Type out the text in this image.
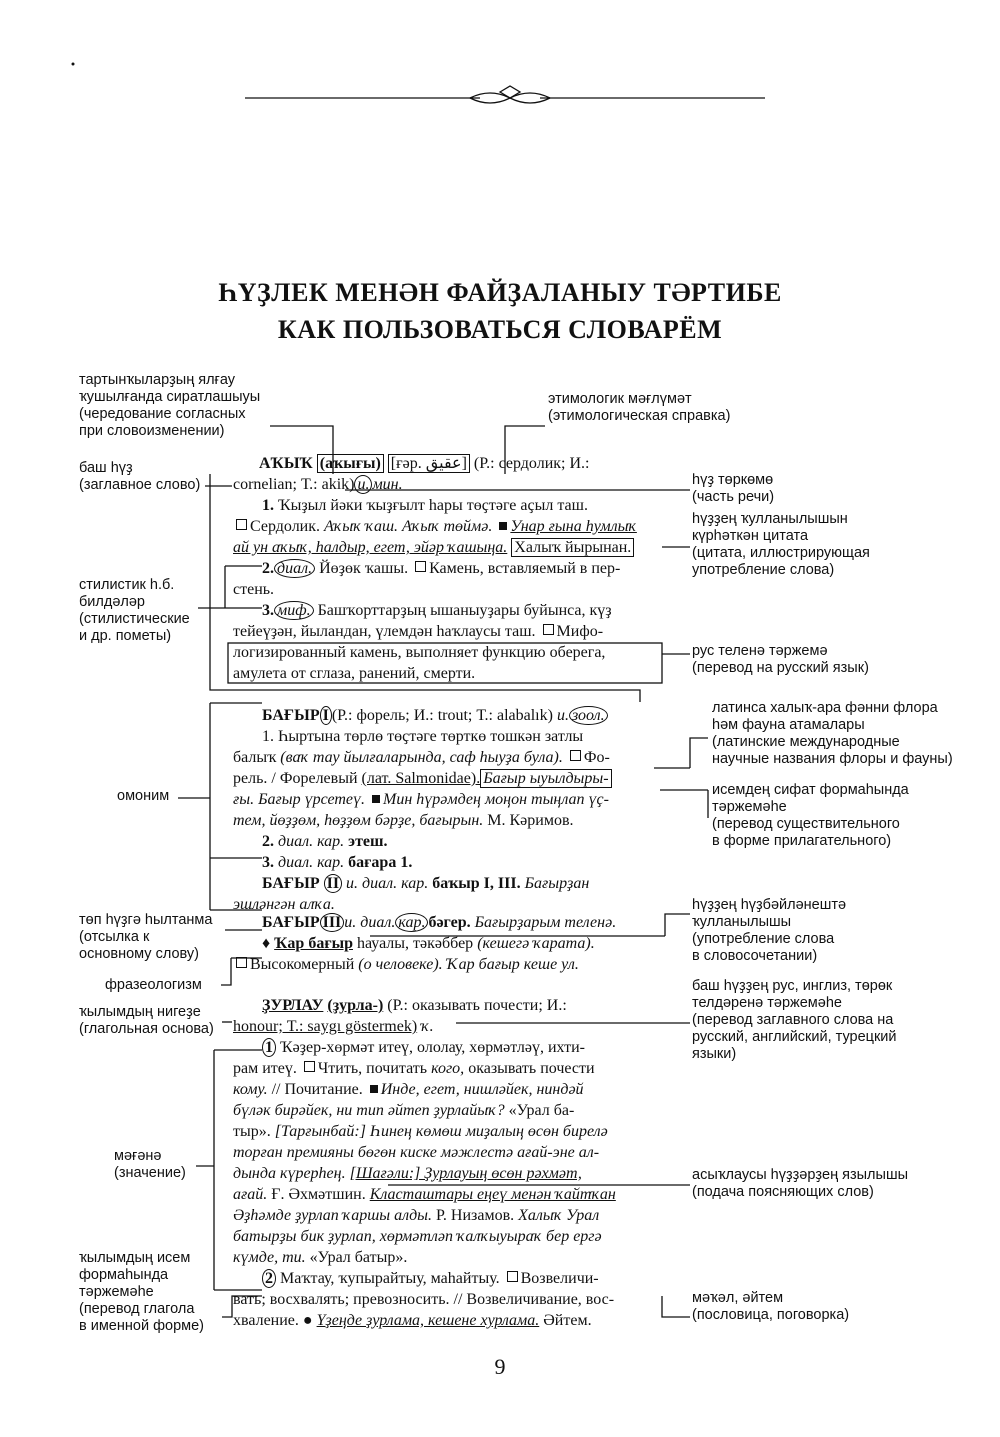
ҺҮҘЛЕК МЕНӘН ФАЙҘАЛАНЫУ ТӘРТИБЕ
КАК ПОЛЬЗОВАТЬСЯ СЛОВАРЁМ
тартынҡыларҙың ялғау
ҡушылғанда сиратлашыуы
(чередование согласных
при словоизменении)
баш һүҙ
(заглавное слово)
стилистик һ.б.
билдәләр
(стилистические
и др. пометы)
омоним
төп һүҙгә һылтанма
(отсылка к
основному слову)
фразеологизм
ҡылымдың нигеҙе
(глагольная основа)
мәғәнә
(значение)
ҡылымдың исем
формаһында
тәржемәһе
(перевод глагола
в именной форме)
этимологик мәғлүмәт
(этимологическая справка)
һүҙ төркөмө
(часть речи)
һүҙҙең ҡулланылышын
күрһәткән цитата
(цитата, иллюстрирующая
употребление слова)
рус теленә тәржемә
(перевод на русский язык)
латинса халыҡ-ара фәнни флора
һәм фауна атамалары
(латинские международные
научные названия флоры и фауны)
исемдең сифат формаһында
тәржемәһе
(перевод существительного
в форме прилагательного)
һүҙҙең һүҙбәйләнештә
ҡулланылышы
(употребление слова
в словосочетании)
баш һүҙҙең рус, инглиз, төрөк
телдәренә тәржемәһе
(перевод заглавного слова на
русский, английский, турецкий
языки)
асыҡлаусы һүҙҙәрҙең язылышы
(подача поясняющих слов)
мәҡәл, әйтем
(пословица, поговорка)
АҠЫҠ (аҡығы) [ғәр. عقيق] (Р.: сердолик; И.:
cornelian; Т.: akik) и. мин.
1. Ҡыҙыл йәки ҡыҙғылт һары төҫтәге аҫыл таш.
Сердолик. Аҡыҡ ҡаш. Аҡыҡ төймә. Унар ғына һумлыҡ
ай ун аҡыҡ, һалдыр, егет, эйәр ҡашыңа. Халыҡ йырынан.
2. диал. Йөҙөк ҡашы. Камень, вставляемый в пер-
стень.
3. миф. Башҡорттарҙың ышаныуҙары буйынса, күҙ
тейеүҙән, йыландан, үлемдән һаҡлаусы таш. Мифо-
логизированный камень, выполняет функцию оберега,
амулета от сглаза, ранений, смерти.
БАҒЫР I (Р.: форель; И.: trout; Т.: alabalık) и. зоол.
1. Һыртына төрлө төҫтәге төрткө тошкән затлы
балыҡ (ваҡ тау йылғаларында, саф һыуҙа була). Фо-
рель. / Форелевый (лат. Salmonidae). Бағыр ыуылдыры-
ғы. Бағыр үрсетеү. Мин һүрәмдең моңон тыңлап үҫ-
тем, йөҙҙөм, һөҙҙөм бәрҙе, бағырын. М. Кәримов.
2. диал. кар. этеш.
3. диал. кар. бағара 1.
БАҒЫР II и. диал. кар. баҡыр I, III. Бағырҙан
эшләнгән алҡа.
БАҒЫР III и. диал. кар. бәгер. Бағырҙарым теленә.
♦ Ҡар бағыр һауалы, тәкәббер (кешегә ҡарата).
Высокомерный (о человеке). Ҡар бағыр кеше ул.
ҘУРЛАУ (ҙурла-) (Р.: оказывать почести; И.:
honour; Т.: saygı göstermek) ҡ.
1 Ҡәҙер-хөрмәт итеү, ололау, хөрмәтләү, ихти-
рам итеү. Чтить, почитать кого, оказывать почести
кому. // Почитание. Инде, егет, нишләйек, ниндәй
бүләк бирәйек, ни тип әйтеп ҙурлайыҡ? «Урал ба-
тыр». [Тарғынбай:] Һинең көмөш миҙалың өсөн бирелә
торған премияны бөгөн киске мәжлестә ағай-эне ал-
дында күрерһең. [Шағәли:] Ҙурлауың өсөн рәхмәт,
ағай. Ғ. Әхмәтшин. Класташтары еңеү менән ҡайтҡан
Әҙһәмде ҙурлап ҡаршы алды. Р. Низамов. Халыҡ Урал
батырҙы бик ҙурлап, хөрмәтләп ҡалҡыуыраҡ бер ергә
күмде, ти. «Урал батыр».
2 Маҡтау, ҡупырайтыу, маһайтыу. Возвеличи-
вать; восхвалять; превозносить. // Возвеличивание, вос-
хваление. ● Үҙеңде ҙурлама, кешене хурлама. Әйтем.
9
